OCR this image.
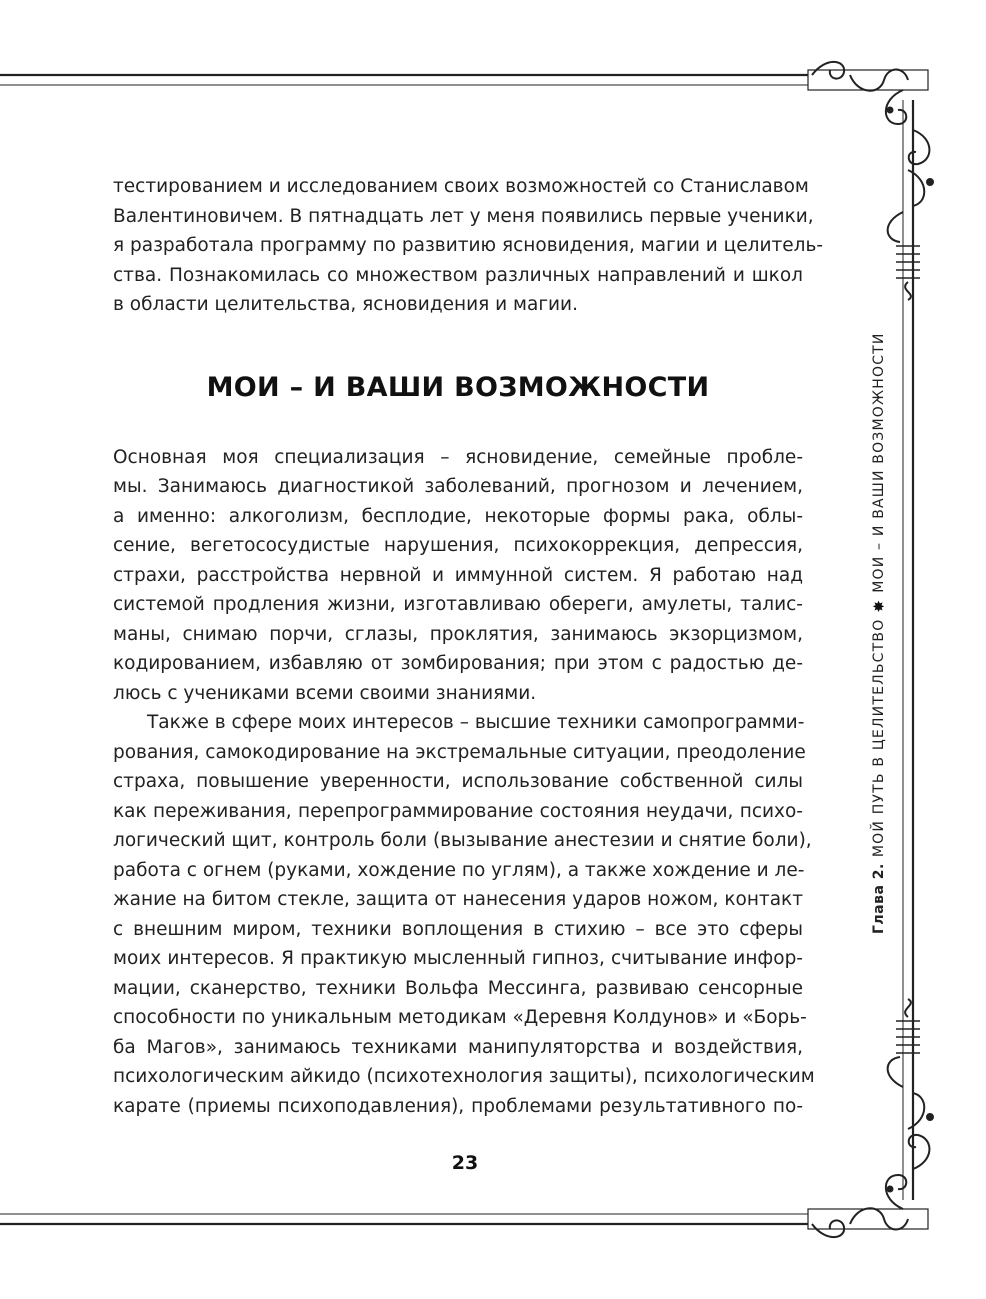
тестированием и исследованием своих возможностей со Станиславом
Валентиновичем. В пятнадцать лет у меня появились первые ученики,
я разработала программу по развитию ясновидения, магии и целитель-
ства. Познакомилась со множеством различных направлений и школ
в области целительства, ясновидения и магии.
МОИ – И ВАШИ ВОЗМОЖНОСТИ
Основная моя специализация – ясновидение, семейные пробле-
мы. Занимаюсь диагностикой заболеваний, прогнозом и лечением,
а именно: алкоголизм, бесплодие, некоторые формы рака, облы-
сение, вегетососудистые нарушения, психокоррекция, депрессия,
страхи, расстройства нервной и иммунной систем. Я работаю над
системой продления жизни, изготавливаю обереги, амулеты, талис-
маны, снимаю порчи, сглазы, проклятия, занимаюсь экзорцизмом,
кодированием, избавляю от зомбирования; при этом с радостью де-
люсь с учениками всеми своими знаниями.
Также в сфере моих интересов – высшие техники самопрограмми-
рования, самокодирование на экстремальные ситуации, преодоление
страха, повышение уверенности, использование собственной силы
как переживания, перепрограммирование состояния неудачи, психо-
логический щит, контроль боли (вызывание анестезии и снятие боли),
работа с огнем (руками, хождение по углям), а также хождение и ле-
жание на битом стекле, защита от нанесения ударов ножом, контакт
с внешним миром, техники воплощения в стихию – все это сферы
моих интересов. Я практикую мысленный гипноз, считывание инфор-
мации, сканерство, техники Вольфа Мессинга, развиваю сенсорные
способности по уникальным методикам «Деревня Колдунов» и «Борь-
ба Магов», занимаюсь техниками манипуляторства и воздействия,
психологическим айкидо (психотехнология защиты), психологическим
карате (приемы психоподавления), проблемами результативного по-
23
Глава 2.
МОЙ ПУТЬ В ЦЕЛИТЕЛЬСТВО
✸
МОИ – И ВАШИ ВОЗМОЖНОСТИ
